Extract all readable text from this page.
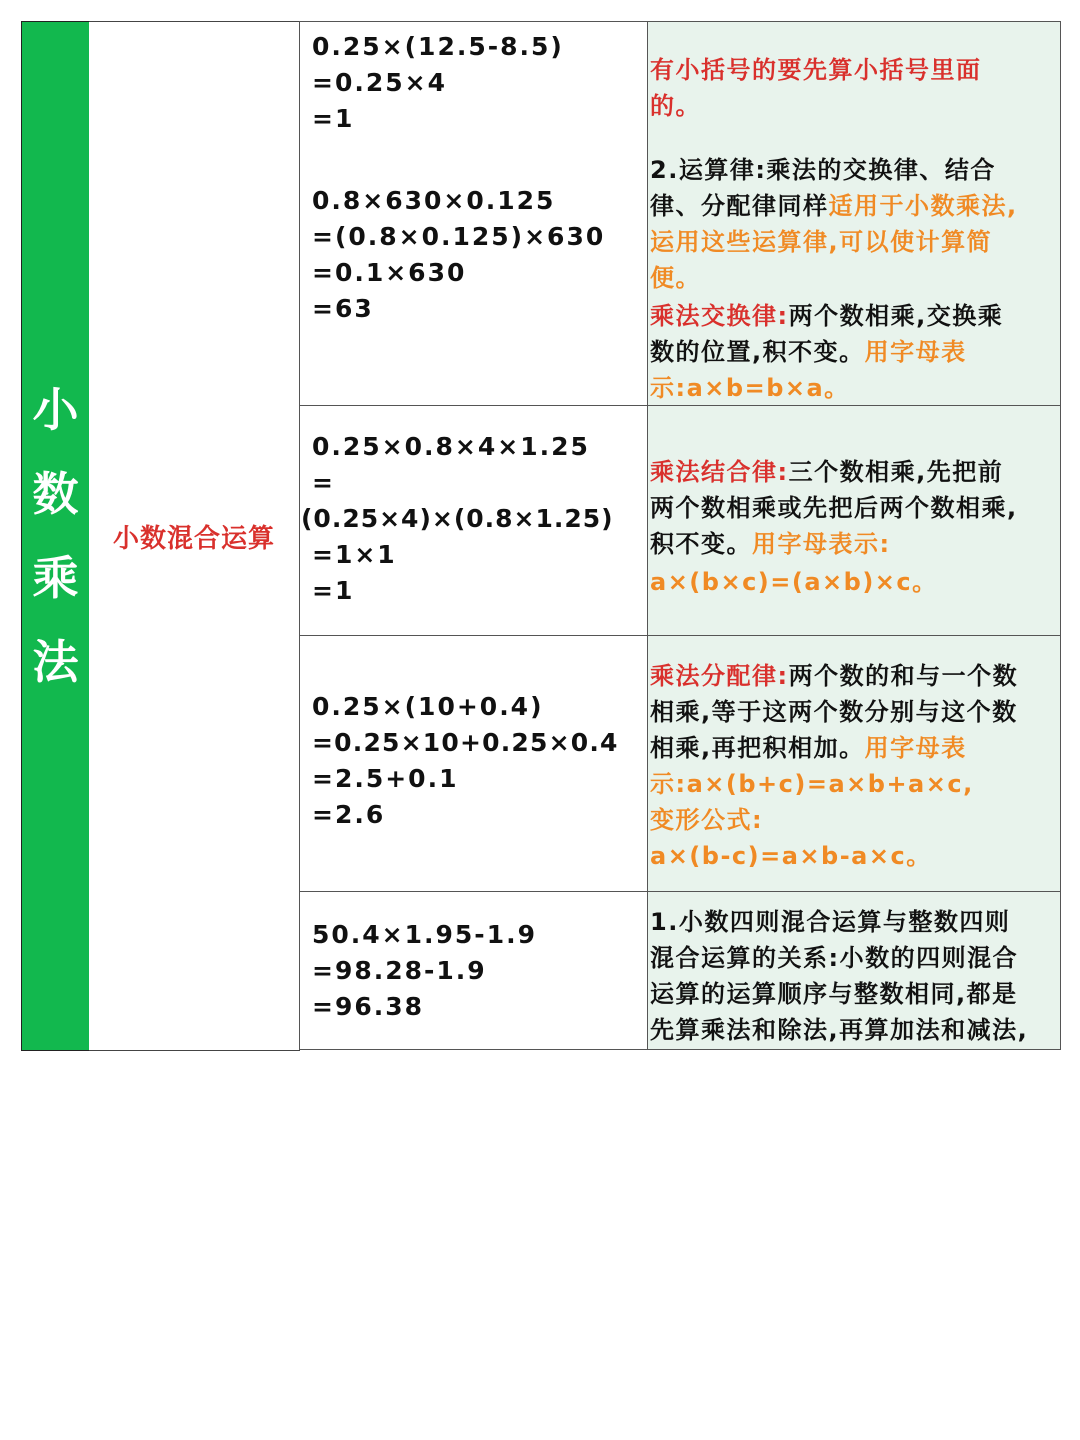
小
数
乘
法
小数混合运算
0.25×(12.5-8.5)
=0.25×4
=1
有小括号的要先算小括号里面
的。
0.8×630×0.125
=(0.8×0.125)×630
=0.1×630
=63
2.运算律:乘法的交换律、结合
律、分配律同样适用于小数乘法,
运用这些运算律,可以使计算简
便。
乘法交换律:两个数相乘,交换乘
数的位置,积不变。用字母表
示:a×b=b×a。
0.25×0.8×4×1.25
=
(0.25×4)×(0.8×1.25)
=1×1
=1
乘法结合律:三个数相乘,先把前
两个数相乘或先把后两个数相乘,
积不变。用字母表示:
a×(b×c)=(a×b)×c。
0.25×(10+0.4)
=0.25×10+0.25×0.4
=2.5+0.1
=2.6
乘法分配律:两个数的和与一个数
相乘,等于这两个数分别与这个数
相乘,再把积相加。用字母表
示:a×(b+c)=a×b+a×c,
变形公式:
a×(b-c)=a×b-a×c。
50.4×1.95-1.9
=98.28-1.9
=96.38
1.小数四则混合运算与整数四则
混合运算的关系:小数的四则混合
运算的运算顺序与整数相同,都是
先算乘法和除法,再算加法和减法,
